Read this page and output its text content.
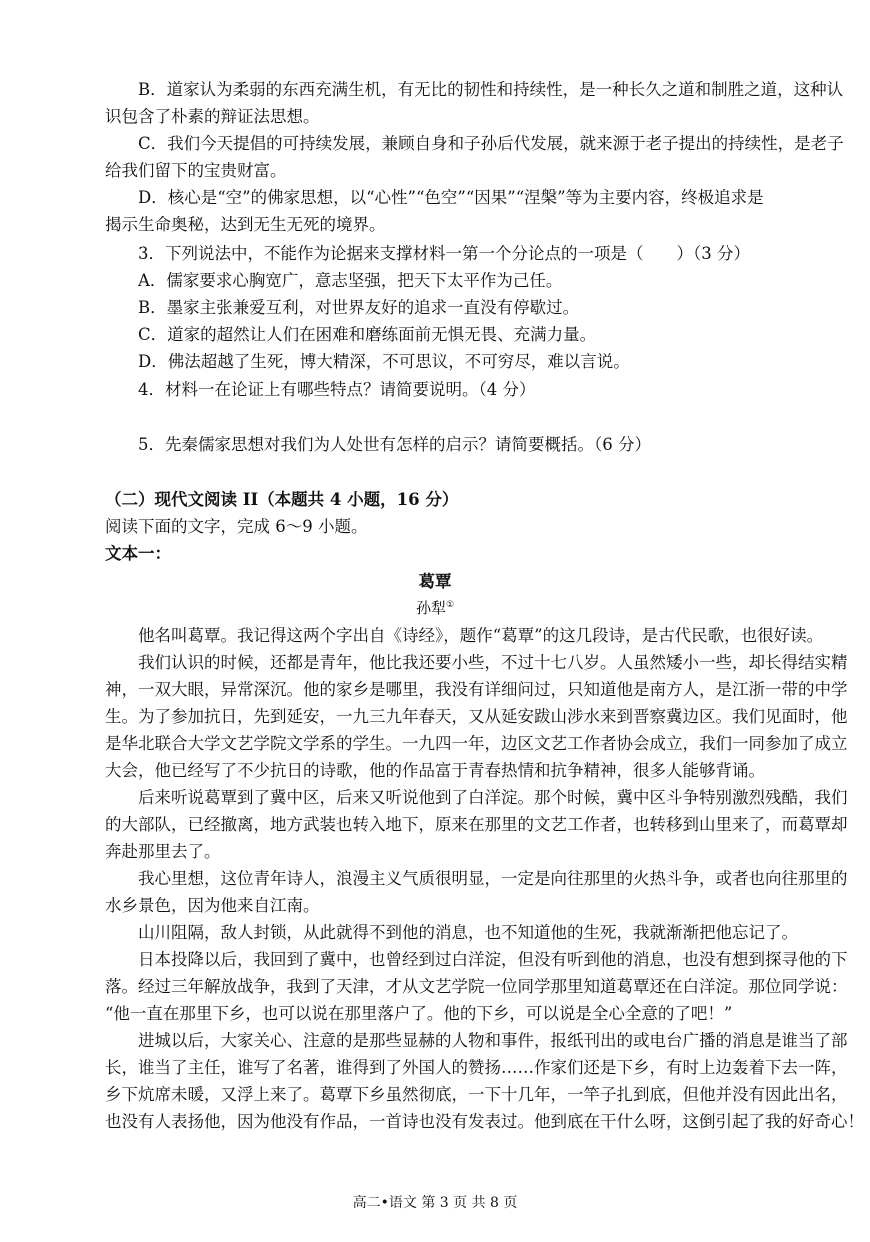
B．道家认为柔弱的东西充满生机，有无比的韧性和持续性，是一种长久之道和制胜之道，这种认
识包含了朴素的辩证法思想。
C．我们今天提倡的可持续发展，兼顾自身和子孙后代发展，就来源于老子提出的持续性，是老子
给我们留下的宝贵财富。
D．核心是“空”的佛家思想，以“心性”“色空”“因果”“涅槃”等为主要内容，终极追求是
揭示生命奥秘，达到无生无死的境界。
3．下列说法中，不能作为论据来支撑材料一第一个分论点的一项是（　　）（3 分）
A．儒家要求心胸宽广，意志坚强，把天下太平作为己任。
B．墨家主张兼爱互利，对世界友好的追求一直没有停歇过。
C．道家的超然让人们在困难和磨练面前无惧无畏、充满力量。
D．佛法超越了生死，博大精深，不可思议，不可穷尽，难以言说。
4．材料一在论证上有哪些特点？请简要说明。（4 分）
5．先秦儒家思想对我们为人处世有怎样的启示？请简要概括。（6 分）
（二）现代文阅读 II（本题共 4 小题，16 分）
阅读下面的文字，完成 6～9 小题。
文本一：
葛覃
孙犁①
他名叫葛覃。我记得这两个字出自《诗经》，题作“葛覃”的这几段诗，是古代民歌，也很好读。
我们认识的时候，还都是青年，他比我还要小些，不过十七八岁。人虽然矮小一些，却长得结实精
神，一双大眼，异常深沉。他的家乡是哪里，我没有详细问过，只知道他是南方人，是江浙一带的中学
生。为了参加抗日，先到延安，一九三九年春天，又从延安跋山涉水来到晋察冀边区。我们见面时，他
是华北联合大学文艺学院文学系的学生。一九四一年，边区文艺工作者协会成立，我们一同参加了成立
大会，他已经写了不少抗日的诗歌，他的作品富于青春热情和抗争精神，很多人能够背诵。
后来听说葛覃到了冀中区，后来又听说他到了白洋淀。那个时候，冀中区斗争特别激烈残酷，我们
的大部队，已经撤离，地方武装也转入地下，原来在那里的文艺工作者，也转移到山里来了，而葛覃却
奔赴那里去了。
我心里想，这位青年诗人，浪漫主义气质很明显，一定是向往那里的火热斗争，或者也向往那里的
水乡景色，因为他来自江南。
山川阻隔，敌人封锁，从此就得不到他的消息，也不知道他的生死，我就渐渐把他忘记了。
日本投降以后，我回到了冀中，也曾经到过白洋淀，但没有听到他的消息，也没有想到探寻他的下
落。经过三年解放战争，我到了天津，才从文艺学院一位同学那里知道葛覃还在白洋淀。那位同学说：
“他一直在那里下乡，也可以说在那里落户了。他的下乡，可以说是全心全意的了吧！”
进城以后，大家关心、注意的是那些显赫的人物和事件，报纸刊出的或电台广播的消息是谁当了部
长，谁当了主任，谁写了名著，谁得到了外国人的赞扬……作家们还是下乡，有时上边轰着下去一阵，
乡下炕席未暖，又浮上来了。葛覃下乡虽然彻底，一下十几年，一竿子扎到底，但他并没有因此出名，
也没有人表扬他，因为他没有作品，一首诗也没有发表过。他到底在干什么呀，这倒引起了我的好奇心！
高二•语文 第 3 页 共 8 页
